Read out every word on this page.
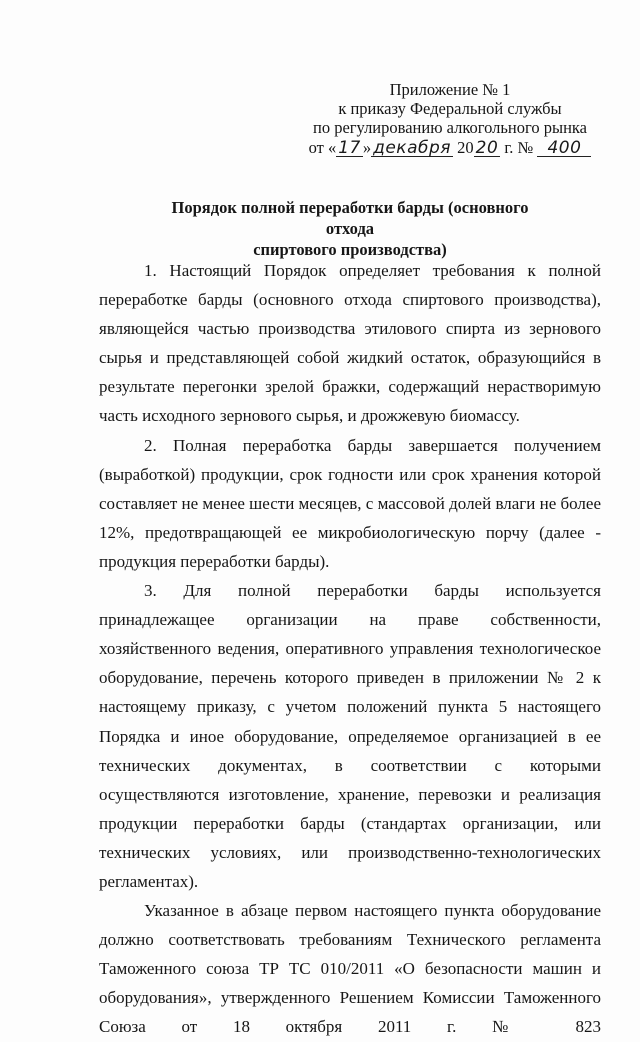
Приложение № 1
к приказу Федеральной службы
по регулированию алкогольного рынка
от « 17 » декабря 20 20 г. № 400
Порядок полной переработки барды (основного отхода
спиртового производства)

1. Настоящий Порядок определяет требования к полной переработке барды (основного отхода спиртового производства), являющейся частью производства этилового спирта из зернового сырья и представляющей собой жидкий остаток, образующийся в результате перегонки зрелой бражки, содержащий нерастворимую часть исходного зернового сырья, и дрожжевую биомассу.

2. Полная переработка барды завершается получением (выработкой) продукции, срок годности или срок хранения которой составляет не менее шести месяцев, с массовой долей влаги не более 12%, предотвращающей ее микробиологическую порчу (далее - продукция переработки барды).

3. Для полной переработки барды используется принадлежащее организации на праве собственности, хозяйственного ведения, оперативного управления технологическое оборудование, перечень которого приведен в приложении № 2 к настоящему приказу, с учетом положений пункта 5 настоящего Порядка и иное оборудование, определяемое организацией в ее технических документах, в соответствии с которыми осуществляются изготовление, хранение, перевозки и реализация продукции переработки барды (стандартах организации, или технических условиях, или производственно-технологических регламентах).

Указанное в абзаце первом настоящего пункта оборудование должно соответствовать требованиям Технического регламента Таможенного союза ТР ТС 010/2011 «О безопасности машин и оборудования», утвержденного Решением Комиссии Таможенного Союза от 18 октября 2011 г. № 823
